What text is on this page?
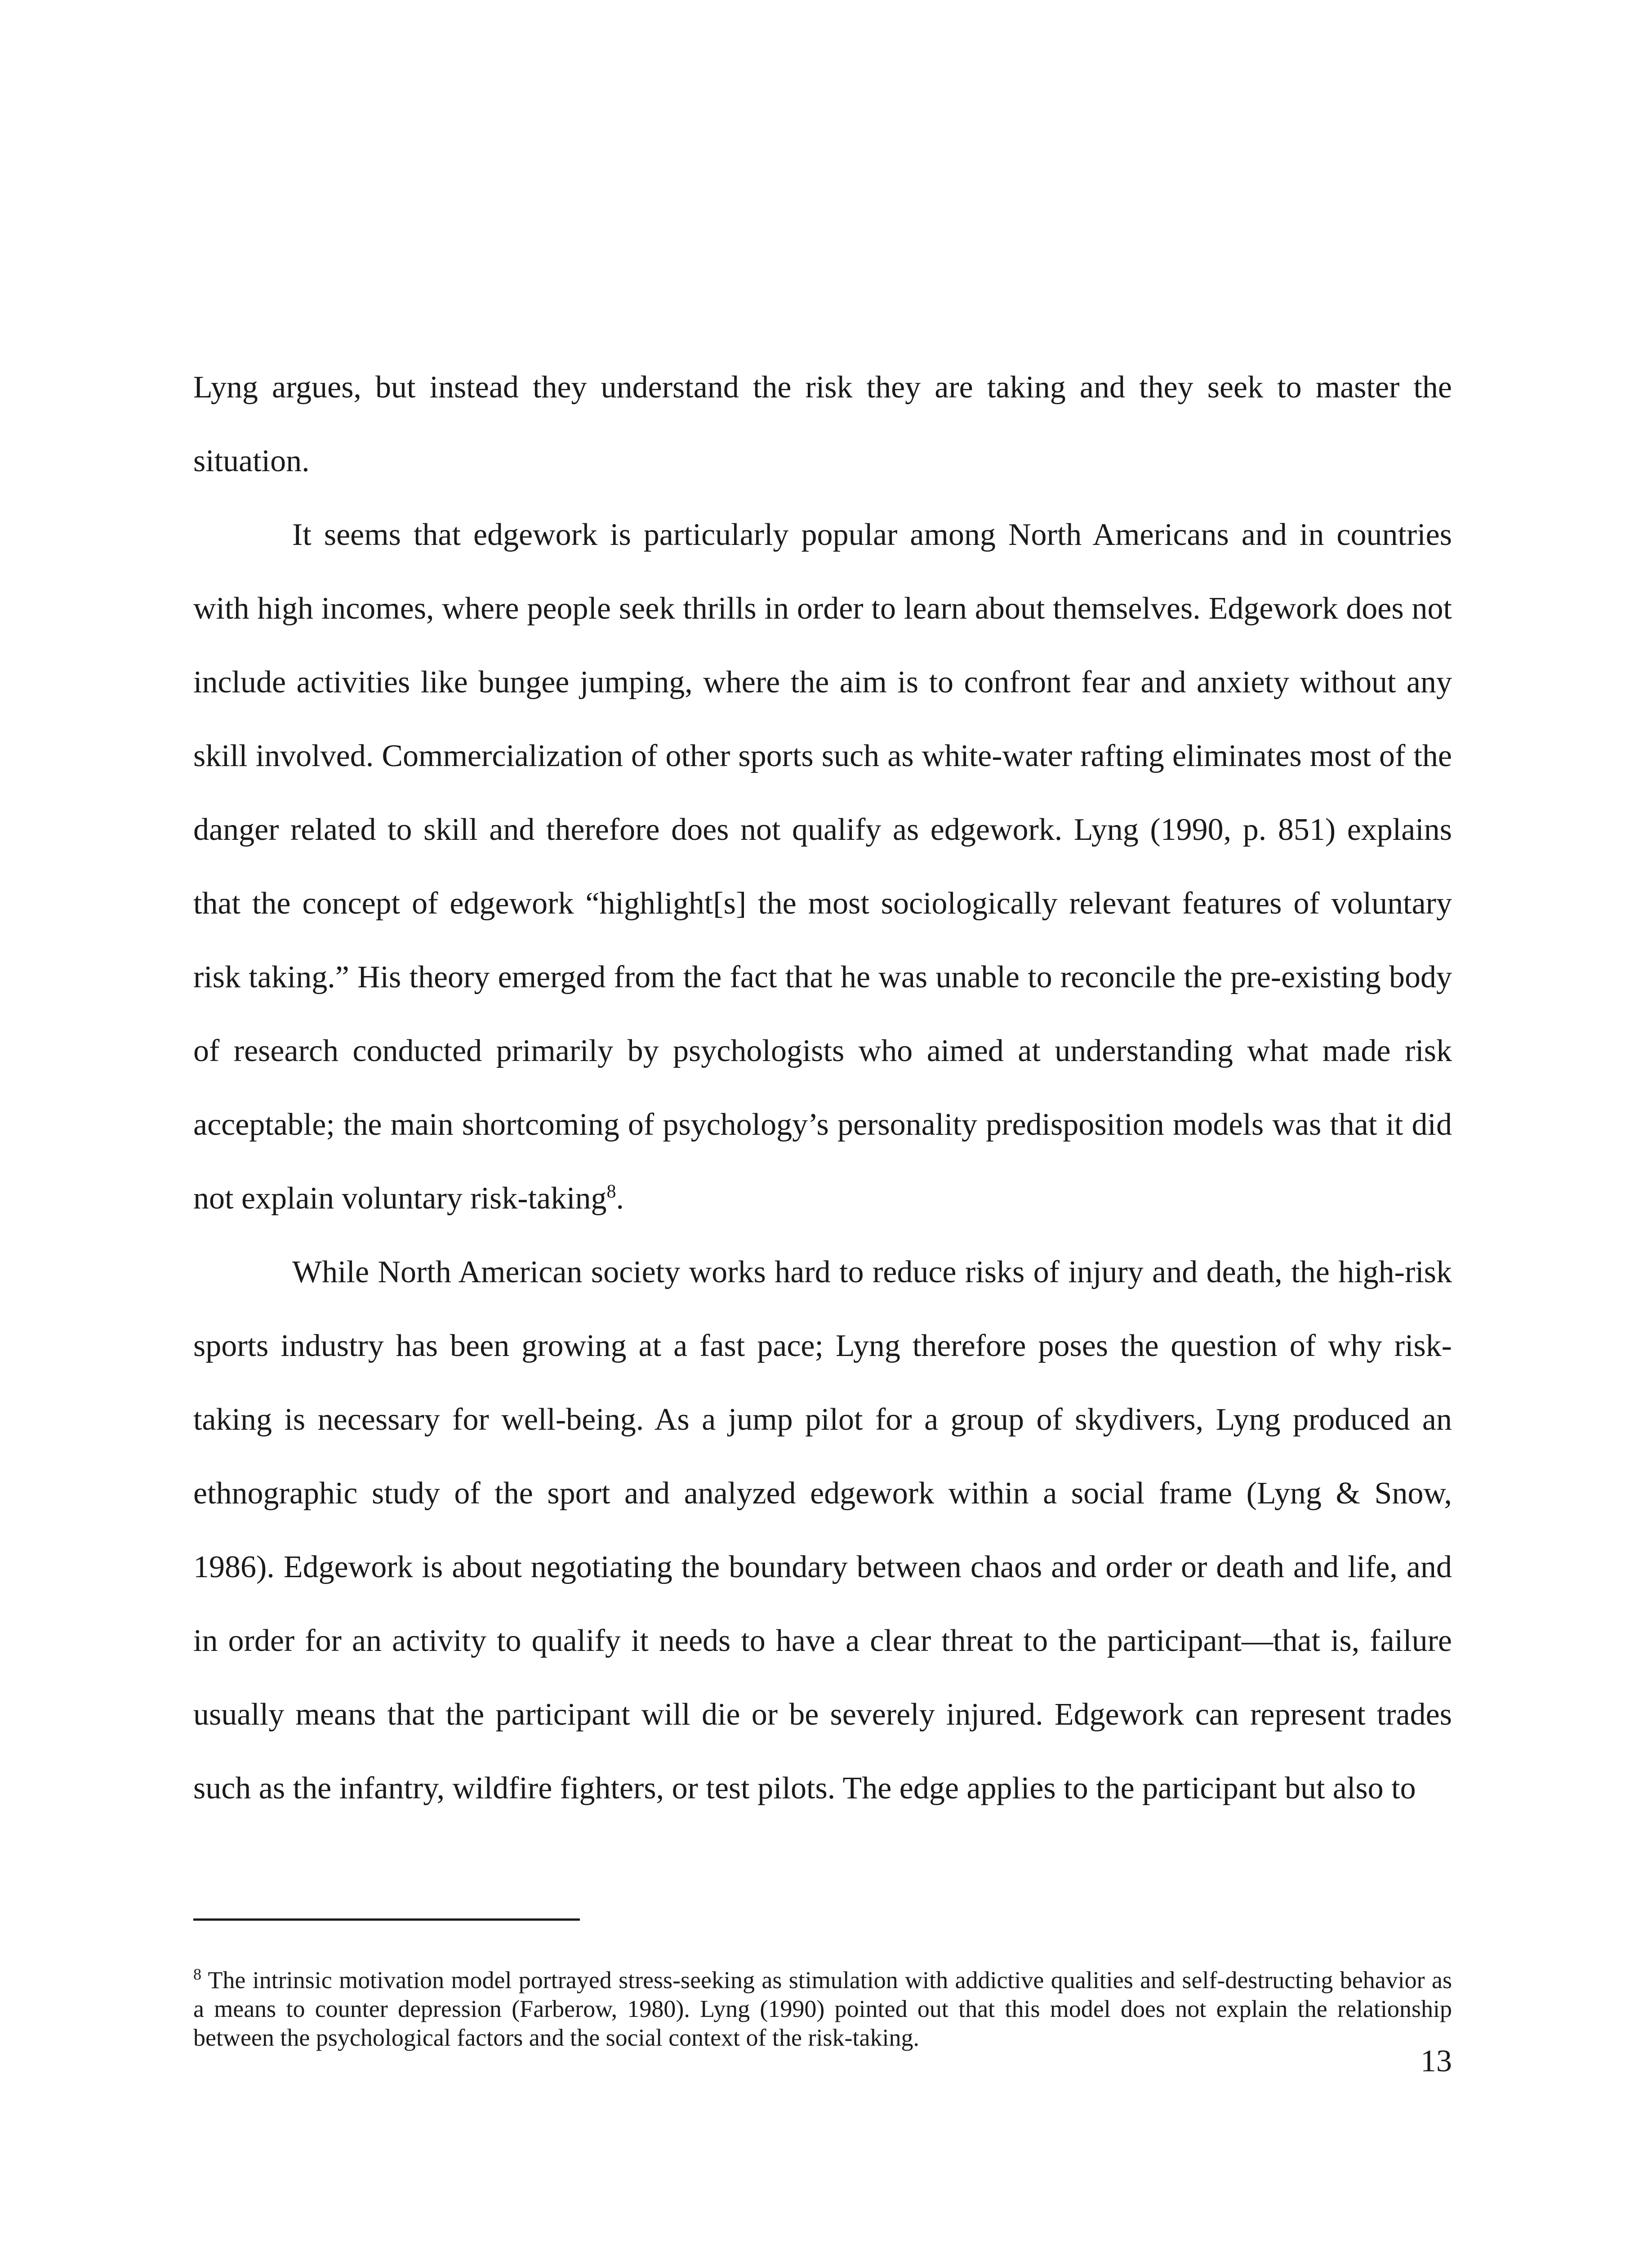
Lyng argues, but instead they understand the risk they are taking and they seek to master the situation.

It seems that edgework is particularly popular among North Americans and in countries with high incomes, where people seek thrills in order to learn about themselves. Edgework does not include activities like bungee jumping, where the aim is to confront fear and anxiety without any skill involved. Commercialization of other sports such as white-water rafting eliminates most of the danger related to skill and therefore does not qualify as edgework. Lyng (1990, p. 851) explains that the concept of edgework “highlight[s] the most sociologically relevant features of voluntary risk taking.” His theory emerged from the fact that he was unable to reconcile the pre-existing body of research conducted primarily by psychologists who aimed at understanding what made risk acceptable; the main shortcoming of psychology’s personality predisposition models was that it did not explain voluntary risk-taking$^8$.

While North American society works hard to reduce risks of injury and death, the high-risk sports industry has been growing at a fast pace; Lyng therefore poses the question of why risk-taking is necessary for well-being. As a jump pilot for a group of skydivers, Lyng produced an ethnographic study of the sport and analyzed edgework within a social frame (Lyng & Snow, 1986). Edgework is about negotiating the boundary between chaos and order or death and life, and in order for an activity to qualify it needs to have a clear threat to the participant—that is, failure usually means that the participant will die or be severely injured. Edgework can represent trades such as the infantry, wildfire fighters, or test pilots. The edge applies to the participant but also to

$^8$ The intrinsic motivation model portrayed stress-seeking as stimulation with addictive qualities and self-destructing behavior as a means to counter depression (Farberow, 1980). Lyng (1990) pointed out that this model does not explain the relationship between the psychological factors and the social context of the risk-taking.
13
